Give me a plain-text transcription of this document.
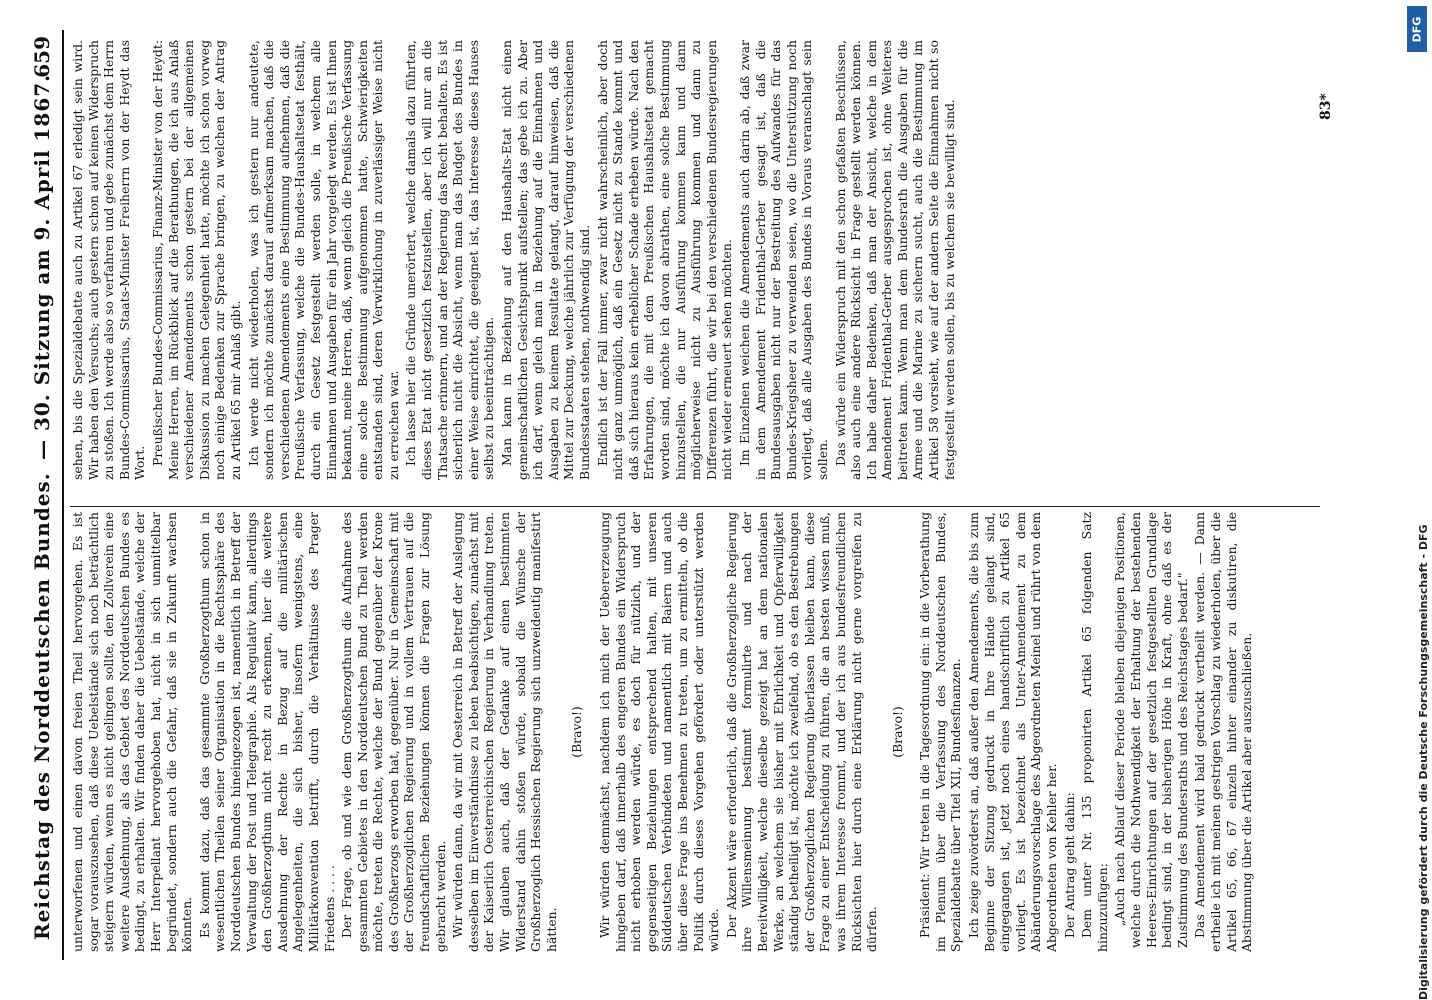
Reichstag des Norddeutschen Bundes.
— 30. Sitzung am 9. April 1867.
659

unterworfenen und einen davon freien Theil hervorgehen. Es ist sogar vorauszusehen, daß diese Uebelstände sich noch beträchtlich steigern würden, wenn es nicht gelingen sollte, den Zollverein eine weitere Ausdehnung, als das Gebiet des Norddeutschen Bundes es bedingt, zu erhalten. Wir finden daher die Uebelstände, welche der Herr Interpellant hervorgehoben hat, nicht in sich unmittelbar begründet, sondern auch die Gefahr, daß sie in Zukunft wachsen könnten. Es kommt dazu, daß das gesammte Großherzogthum schon in wesentlichen Theilen seiner Organisation in die Rechtssphäre des Norddeutschen Bundes hineingezogen ist, namentlich in Betreff der Verwaltung der Post und Telegraphie. Als Regulativ kann, allerdings den Großherzogthum nicht recht zu erkennen, hier die weitere Ausdehnung der Rechte in Bezug auf die militärischen Angelegenheiten, die sich bisher, insofern wenigstens, eine Militärkonvention betrifft, durch die Verhältnisse des Prager Friedens . . . . Der Frage, ob und wie dem Großherzogthum die Aufnahme des gesammten Gebietes in den Norddeutschen Bund zu Theil werden möchte, treten die Rechte, welche der Bund gegenüber der Krone des Großherzogs erworben hat, gegenüber. Nur in Gemeinschaft mit der Großherzoglichen Regierung und in vollem Vertrauen auf die freundschaftlichen Beziehungen können die Fragen zur Lösung gebracht werden. Wir würden dann, da wir mit Oesterreich in Betreff der Auslegung desselben im Einverständnisse zu leben beabsichtigen, zunächst mit der Kaiserlich Oesterreichischen Regierung in Verhandlung treten. Wir glauben auch, daß der Gedanke auf einen bestimmten Widerstand dahin stoßen würde, sobald die Wünsche der Großherzoglich Hessischen Regierung sich unzweideutig manifestirt hätten.

(Bravo!) Wir würden demnächst, nachdem ich mich der Uebererzeugung hingeben darf, daß innerhalb des engeren Bundes ein Widerspruch nicht erhoben werden würde, es doch für nützlich, und der gegenseitigen Beziehungen entsprechend halten, mit unseren Süddeutschen Verbündeten und namentlich mit Baiern und auch über diese Frage ins Benehmen zu treten, um zu ermitteln, ob die Politik durch dieses Vorgehen gefördert oder unterstützt werden würde. Der Akzent wäre erforderlich, daß die Großherzogliche Regierung ihre Willensmeinung bestimmt formulirte und nach der Bereitwilligkeit, welche dieselbe gezeigt hat an dem nationalen Werke, an welchem sie bisher mit Ehrlichkeit und Opferwilligkeit ständig betheiligt ist, möchte ich zweifelnd, ob es den Bestrebungen der Großherzoglichen Regierung überlassen bleiben kann, diese Frage zu einer Entscheidung zu führen, die an besten wissen muß, was ihrem Interesse frommt, und der ich aus bundesfreundlichen Rücksichten hier durch eine Erklärung nicht gerne vorgreifen zu dürfen.

(Bravo!) Präsident: Wir treten in die Tagesordnung ein: in die Vorberathung im Plenum über die Verfassung des Norddeutschen Bundes, Spezialdebatte über Titel XII, Bundesfinanzen. Ich zeige zuvörderst an, daß außer den Amendements, die bis zum Beginne der Sitzung gedruckt in Ihre Hände gelangt sind, eingegangen ist, jetzt noch eines handschriftlich zu Artikel 65 vorliegt. Es ist bezeichnet als Unter-Amendement zu dem Abänderungsvorschlage des Abgeordneten Meinel und rührt von dem Abgeordneten von Kehler her. Der Antrag geht dahin: Dem unter Nr. 135 proponirten Artikel 65 folgenden Satz hinzuzufügen: „Auch nach Ablauf dieser Periode bleiben diejenigen Positionen, welche durch die Nothwendigkeit der Erhaltung der bestehenden Heeres-Einrichtungen auf der gesetzlich festgestellten Grundlage bedingt sind, in der bisherigen Höhe in Kraft, ohne daß es der Zustimmung des Bundesraths und des Reichstages bedarf." Das Amendement wird bald gedruckt vertheilt werden. — Dann ertheile ich mit meinen gestrigen Vorschlag zu wiederholen, über die Artikel 65, 66, 67 einzeln hinter einander zu diskutiren, die Abstimmung über die Artikel aber auszuschließen.

sehen, bis die Spezialdebatte auch zu Artikel 67 erledigt sein wird. Wir haben den Versuchs; auch gestern schon auf keinen Widerspruch zu stoßen. Ich werde also so verfahren und gebe zunächst dem Herrn Bundes-Commissarius, Staats-Minister Freiherrn von der Heydt das Wort. Preußischer Bundes-Commissarius, Finanz-Minister von der Heydt: Meine Herren, im Rückblick auf die Berathungen, die ich aus Anlaß verschiedener Amendements schon gestern bei der allgemeinen Diskussion zu machen Gelegenheit hatte, möchte ich schon vorweg noch einige Bedenken zur Sprache bringen, zu welchen der Antrag zu Artikel 65 mir Anlaß gibt. Ich werde nicht wiederholen, was ich gestern nur andeutete, sondern ich möchte zunächst darauf aufmerksam machen, daß die verschiedenen Amendements eine Bestimmung aufnehmen, daß die Preußische Verfassung, welche die Bundes-Haushaltsetat festhält, durch ein Gesetz festgestellt werden solle, in welchem alle Einnahmen und Ausgaben für ein Jahr vorgelegt werden. Es ist Ihnen bekannt, meine Herren, daß, wenn gleich die Preußische Verfassung eine solche Bestimmung aufgenommen hatte, Schwierigkeiten entstanden sind, deren Verwirklichung in zuverlässiger Weise nicht zu erreichen war. Ich lasse hier die Gründe unerörtert, welche damals dazu führten, dieses Etat nicht gesetzlich festzustellen, aber ich will nur an die Thatsache erinnern, und an der Regierung das Recht behalten. Es ist sicherlich nicht die Absicht, wenn man das Budget des Bundes in einer Weise einrichtet, die geeignet ist, das Interesse dieses Hauses selbst zu beeinträchtigen. Man kann in Beziehung auf den Haushalts-Etat nicht einen gemeinschaftlichen Gesichtspunkt aufstellen; das gebe ich zu. Aber ich darf, wenn gleich man in Beziehung auf die Einnahmen und Ausgaben zu keinem Resultate gelangt, darauf hinweisen, daß die Mittel zur Deckung, welche jährlich zur Verfügung der verschiedenen Bundesstaaten stehen, nothwendig sind. Endlich ist der Fall immer, zwar nicht wahrscheinlich, aber doch nicht ganz unmöglich, daß ein Gesetz nicht zu Stande kommt und daß sich hieraus kein erheblicher Schade erheben würde. Nach den Erfahrungen, die mit dem Preußischen Haushaltsetat gemacht worden sind, möchte ich davon abrathen, eine solche Bestimmung hinzustellen, die nur Ausführung kommen kann und dann möglicherweise nicht zu Ausführung kommen und dann zu Differenzen führt, die wir bei den verschiedenen Bundesregierungen nicht wieder erneuert sehen möchten. Im Einzelnen weichen die Amendements auch darin ab, daß zwar in dem Amendement Fridenthal-Gerber gesagt ist, daß die Bundesausgaben nicht nur der Bestreitung des Aufwandes für das Bundes-Kriegsheer zu verwenden seien, wo die Unterstützung noch vorliegt, daß alle Ausgaben des Bundes in Voraus veranschlagt sein sollen. Das würde ein Widerspruch mit den schon gefaßten Beschlüssen, also auch eine andere Rücksicht in Frage gestellt werden können. Ich habe daher Bedenken, daß man der Ansicht, welche in dem Amendement Fridenthal-Gerber ausgesprochen ist, ohne Weiteres beitreten kann. Wenn man dem Bundesrath die Ausgaben für die Armee und die Marine zu sichern sucht, auch die Bestimmung im Artikel 58 vorsieht, wie auf der andern Seite die Einnahmen nicht so festgestellt werden sollen, bis zu welchem sie bewilligt sind.	83*
DFG
Digitalisierung gefördert durch die Deutsche Forschungsgemeinschaft - DFG
